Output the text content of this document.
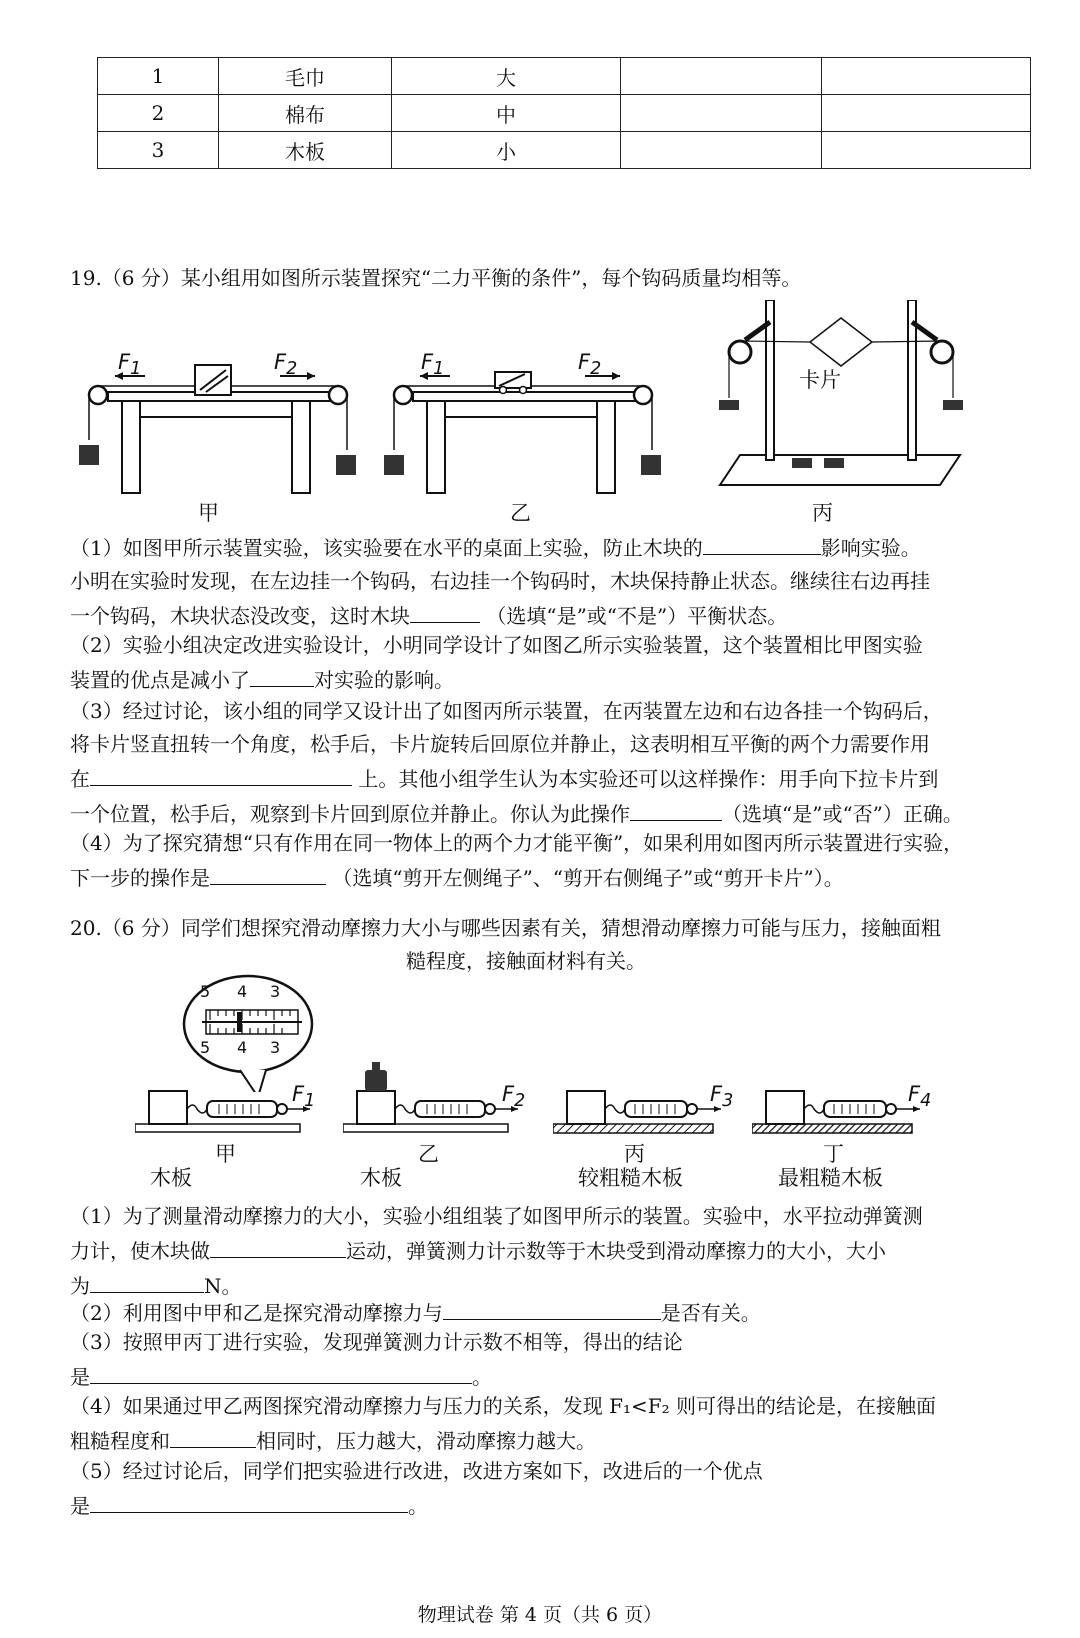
1	毛巾	大		
2	棉布	中		
3	木板	小		
19.（6 分）某小组用如图所示装置探究“二力平衡的条件”，每个钩码质量均相等。
$F_1$	$F_2$
甲
$F_1$	$F_2$
乙
卡片
丙
（1）如图甲所示装置实验，该实验要在水平的桌面上实验，防止木块的	影响实验。
小明在实验时发现，在左边挂一个钩码，右边挂一个钩码时，木块保持静止状态。继续往右边再挂
一个钩码，木块状态没改变，这时木块	（选填“是”或“不是”）平衡状态。
（2）实验小组决定改进实验设计，小明同学设计了如图乙所示实验装置，这个装置相比甲图实验
装置的优点是减小了	对实验的影响。
（3）经过讨论，该小组的同学又设计出了如图丙所示装置，在丙装置左边和右边各挂一个钩码后，
将卡片竖直扭转一个角度，松手后，卡片旋转后回原位并静止，这表明相互平衡的两个力需要作用
在	上。其他小组学生认为本实验还可以这样操作：用手向下拉卡片到
一个位置，松手后，观察到卡片回到原位并静止。你认为此操作	（选填“是”或“否”）正确。
（4）为了探究猜想“只有作用在同一物体上的两个力才能平衡”，如果利用如图丙所示装置进行实验，
下一步的操作是	（选填“剪开左侧绳子”、“剪开右侧绳子”或“剪开卡片”）。
20.（6 分）同学们想探究滑动摩擦力大小与哪些因素有关，猜想滑动摩擦力可能与压力，接触面粗
糙程度，接触面材料有关。
5 4 3
5 4 3
$F_1$
甲
木板
$F_2$
乙
木板
$F_3$
丙
较粗糙木板
$F_4$
丁
最粗糙木板
（1）为了测量滑动摩擦力的大小，实验小组组装了如图甲所示的装置。实验中，水平拉动弹簧测
力计，使木块做	运动，弹簧测力计示数等于木块受到滑动摩擦力的大小，大小
为	N。
（2）利用图中甲和乙是探究滑动摩擦力与	是否有关。
（3）按照甲丙丁进行实验，发现弹簧测力计示数不相等，得出的结论
是	。
（4）如果通过甲乙两图探究滑动摩擦力与压力的关系，发现 F₁<F₂ 则可得出的结论是，在接触面
粗糙程度和	相同时，压力越大，滑动摩擦力越大。
（5）经过讨论后，同学们把实验进行改进，改进方案如下，改进后的一个优点
是	。
物理试卷 第 4 页（共 6 页）
